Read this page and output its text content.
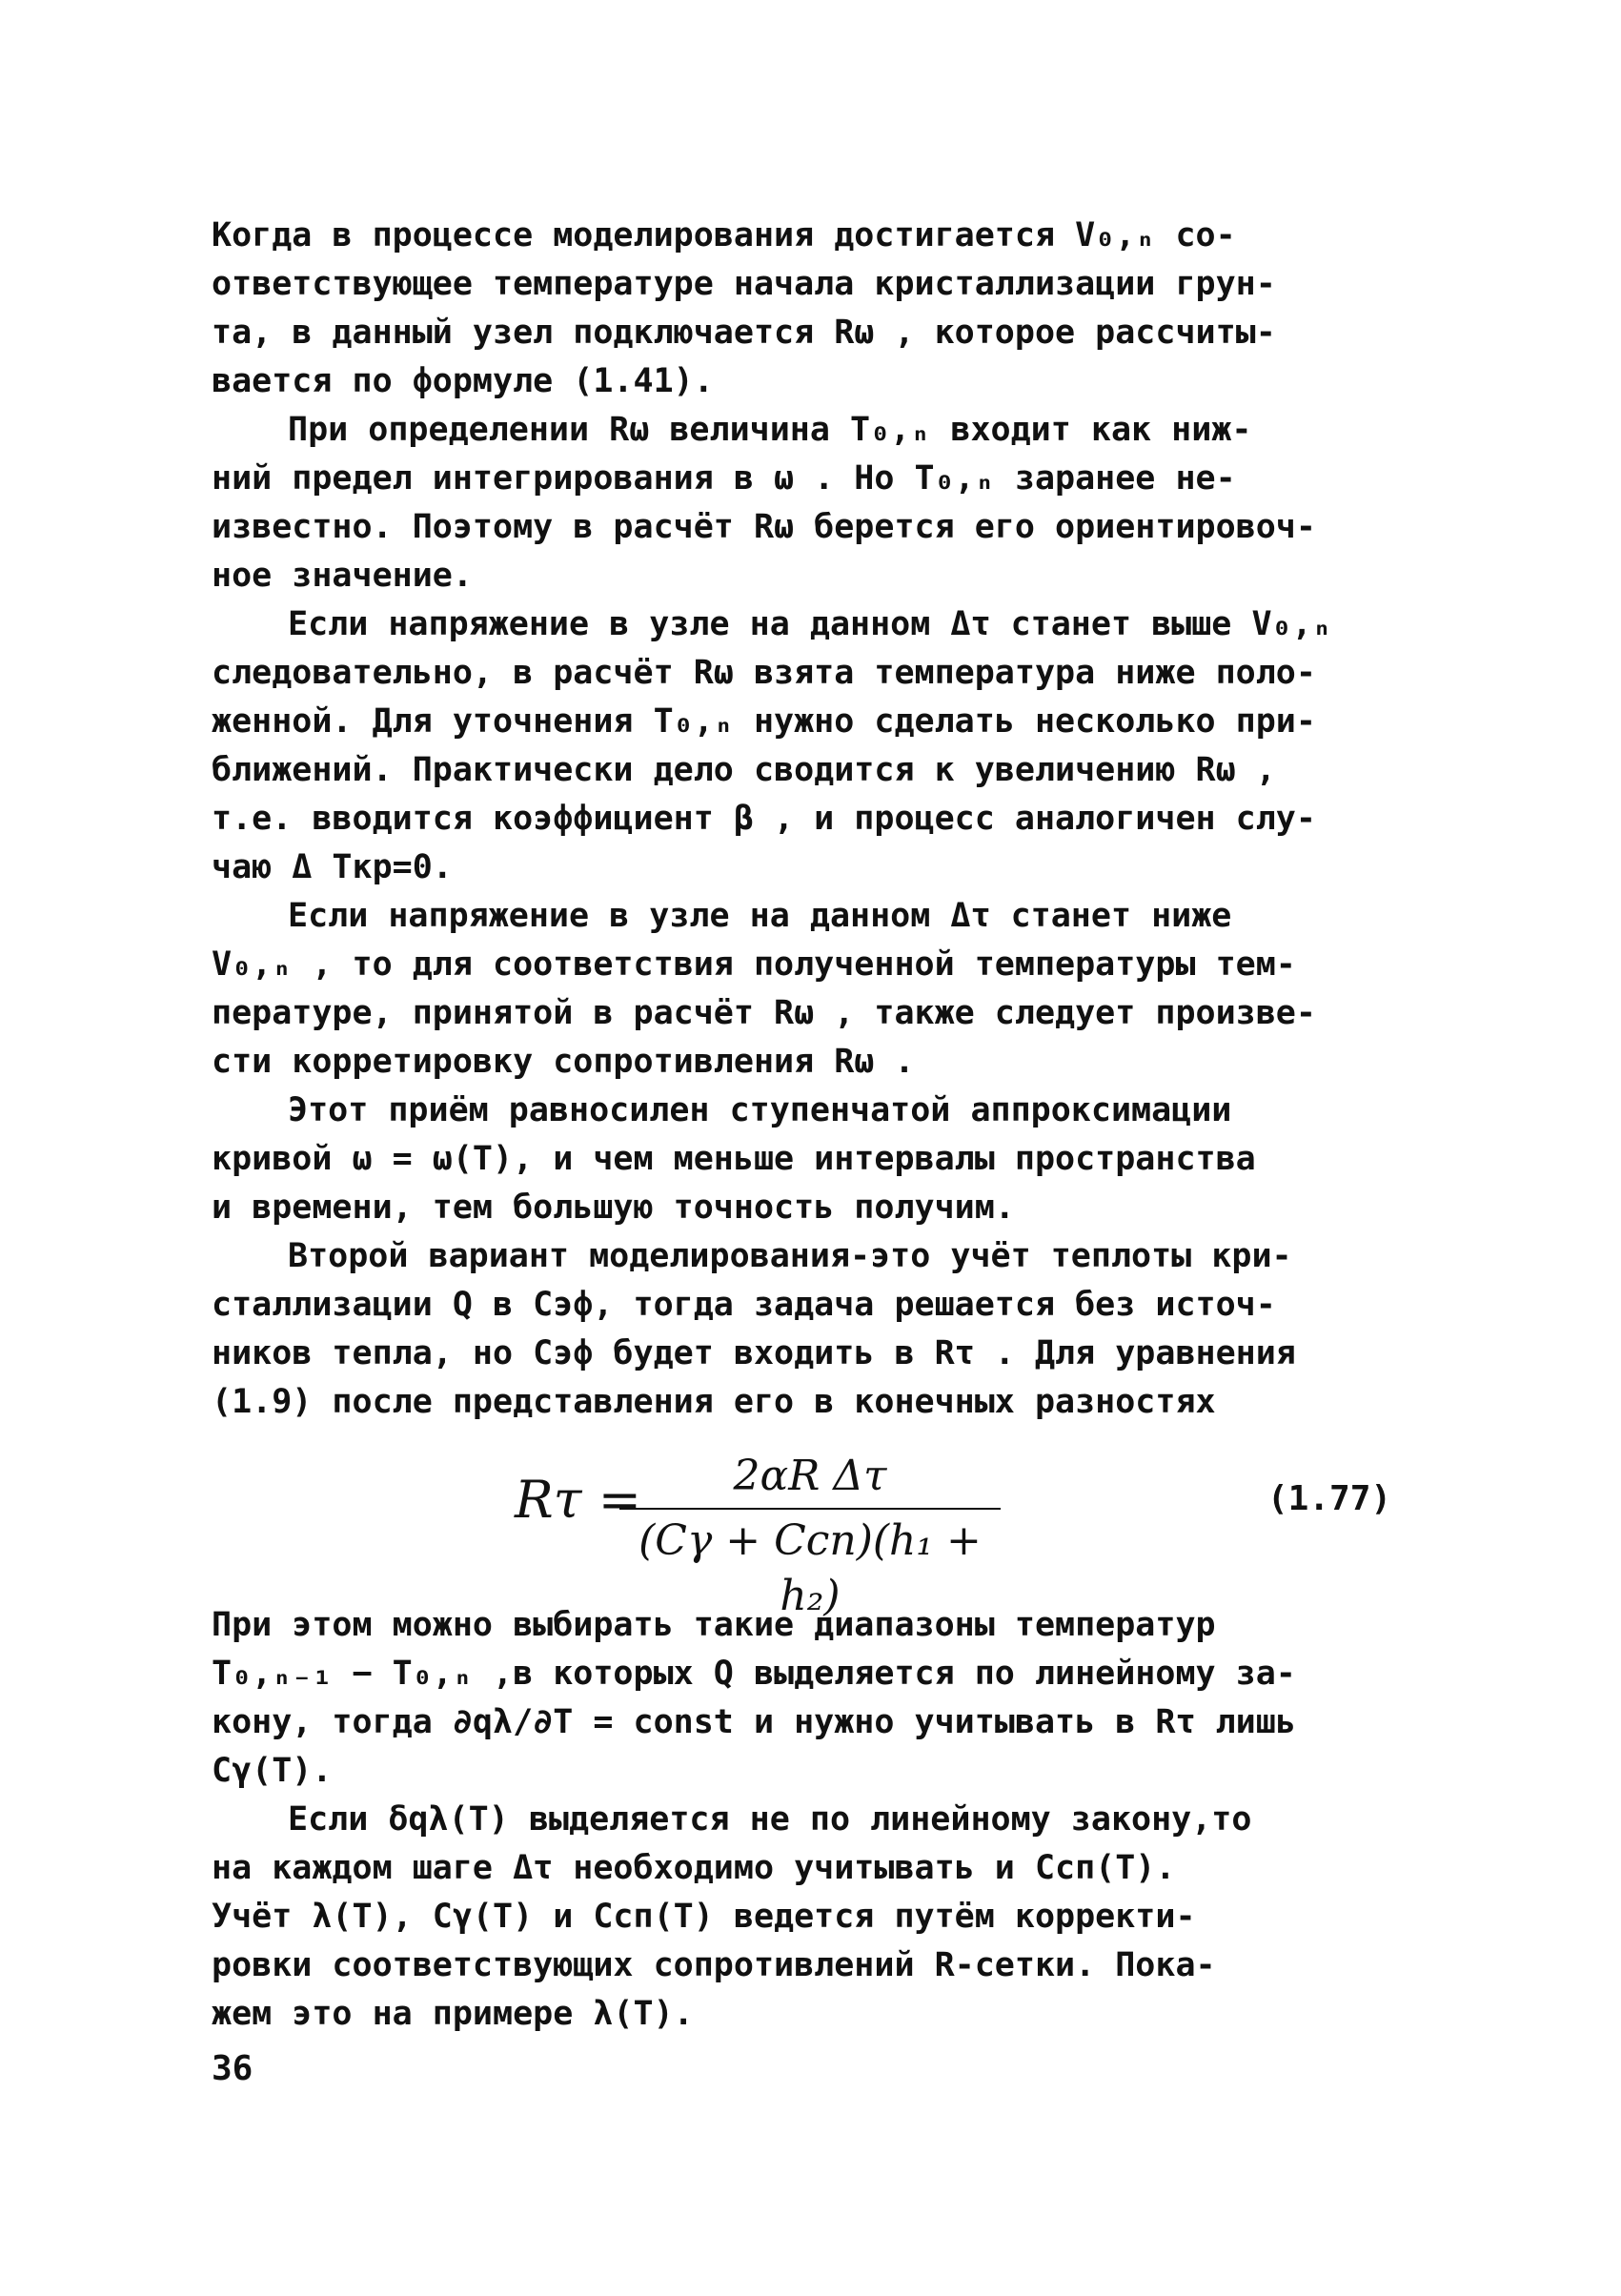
Когда в процессе моделирования достигается V₀,ₙ со-
ответствующее температуре начала кристаллизации грун-
та, в данный узел подключается Rω , которое рассчиты-
вается по формуле (1.41).

При определении Rω величина T₀,ₙ входит как ниж-
ний предел интегрирования в ω . Но T₀,ₙ заранее не-
известно. Поэтому в расчёт Rω берется его ориентировоч-
ное значение.

Если напряжение в узле на данном Δτ станет выше V₀,ₙ
следовательно, в расчёт Rω взята температура ниже поло-
женной. Для уточнения T₀,ₙ нужно сделать несколько при-
ближений. Практически дело сводится к увеличению Rω ,
т.е. вводится коэффициент β , и процесс аналогичен слу-
чаю Δ Tкр=0.

Если напряжение в узле на данном Δτ станет ниже
V₀,ₙ , то для соответствия полученной температуры тем-
пературе, принятой в расчёт Rω , также следует произве-
сти корретировку сопротивления Rω .

Этот приём равносилен ступенчатой аппроксимации
кривой ω = ω(T), и чем меньше интервалы пространства
и времени, тем большую точность получим.

Второй вариант моделирования-это учёт теплоты кри-
сталлизации Q в Cэф, тогда задача решается без источ-
ников тепла, но Cэф будет входить в Rτ . Для уравнения
(1.9) после представления его в конечных разностях

Rτ =	2αR Δτ
(Cγ + Cсп)(h₁ + h₂)
(1.77)

При этом можно выбирать такие диапазоны температур
T₀,ₙ₋₁ − T₀,ₙ ,в которых Q выделяется по линейному за-
кону, тогда ∂qλ/∂T = const и нужно учитывать в Rτ лишь
Cγ(T).

Если δqλ(T) выделяется не по линейному закону,то
на каждом шаге Δτ необходимо учитывать и Cсп(T).
Учёт λ(T), Cγ(T) и Cсп(T) ведется путём корректи-
ровки соответствующих сопротивлений R-сетки. Пока-
жем это на примере λ(T).

36
